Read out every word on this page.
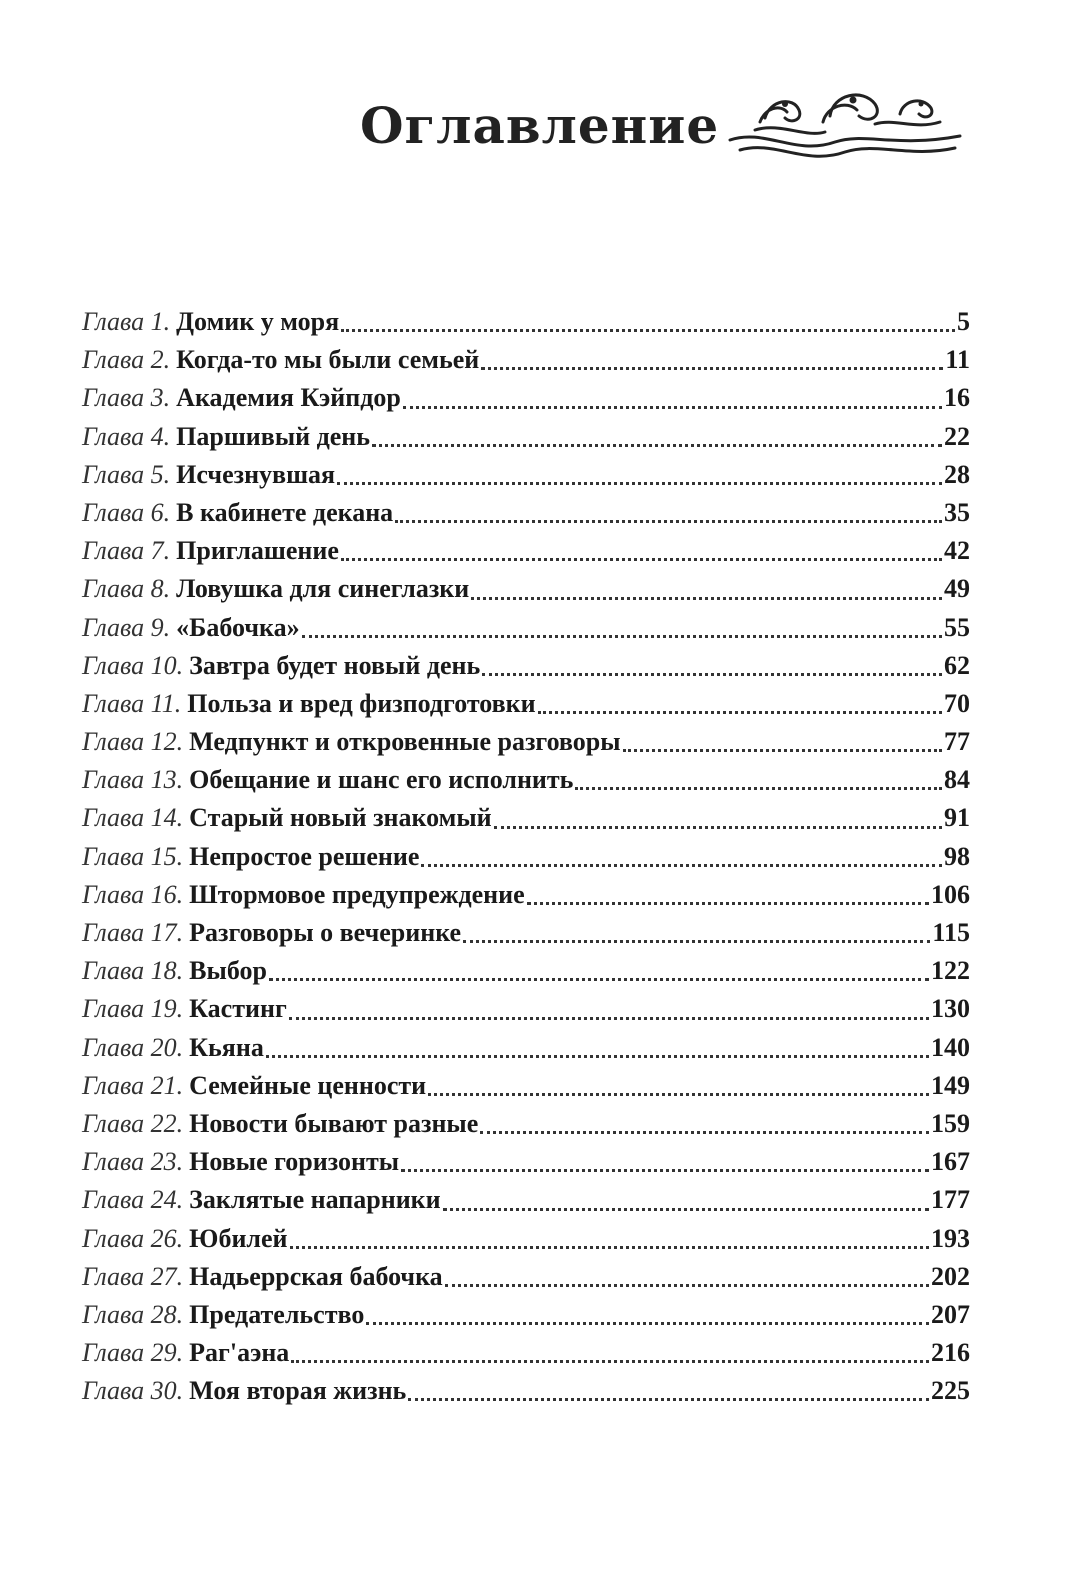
Оглавление
Глава 1. Домик у моря	5
Глава 2. Когда-то мы были семьей	11
Глава 3. Академия Кэйпдор	16
Глава 4. Паршивый день	22
Глава 5. Исчезнувшая	28
Глава 6. В кабинете декана	35
Глава 7. Приглашение	42
Глава 8. Ловушка для синеглазки	49
Глава 9. «Бабочка»	55
Глава 10. Завтра будет новый день	62
Глава 11. Польза и вред физподготовки	70
Глава 12. Медпункт и откровенные разговоры	77
Глава 13. Обещание и шанс его исполнить	84
Глава 14. Старый новый знакомый	91
Глава 15. Непростое решение	98
Глава 16. Штормовое предупреждение	106
Глава 17. Разговоры о вечеринке	115
Глава 18. Выбор	122
Глава 19. Кастинг	130
Глава 20. Кьяна	140
Глава 21. Семейные ценности	149
Глава 22. Новости бывают разные	159
Глава 23. Новые горизонты	167
Глава 24. Заклятые напарники	177
Глава 26. Юбилей	193
Глава 27. Надьеррская бабочка	202
Глава 28. Предательство	207
Глава 29. Раг'аэна	216
Глава 30. Моя вторая жизнь	225
